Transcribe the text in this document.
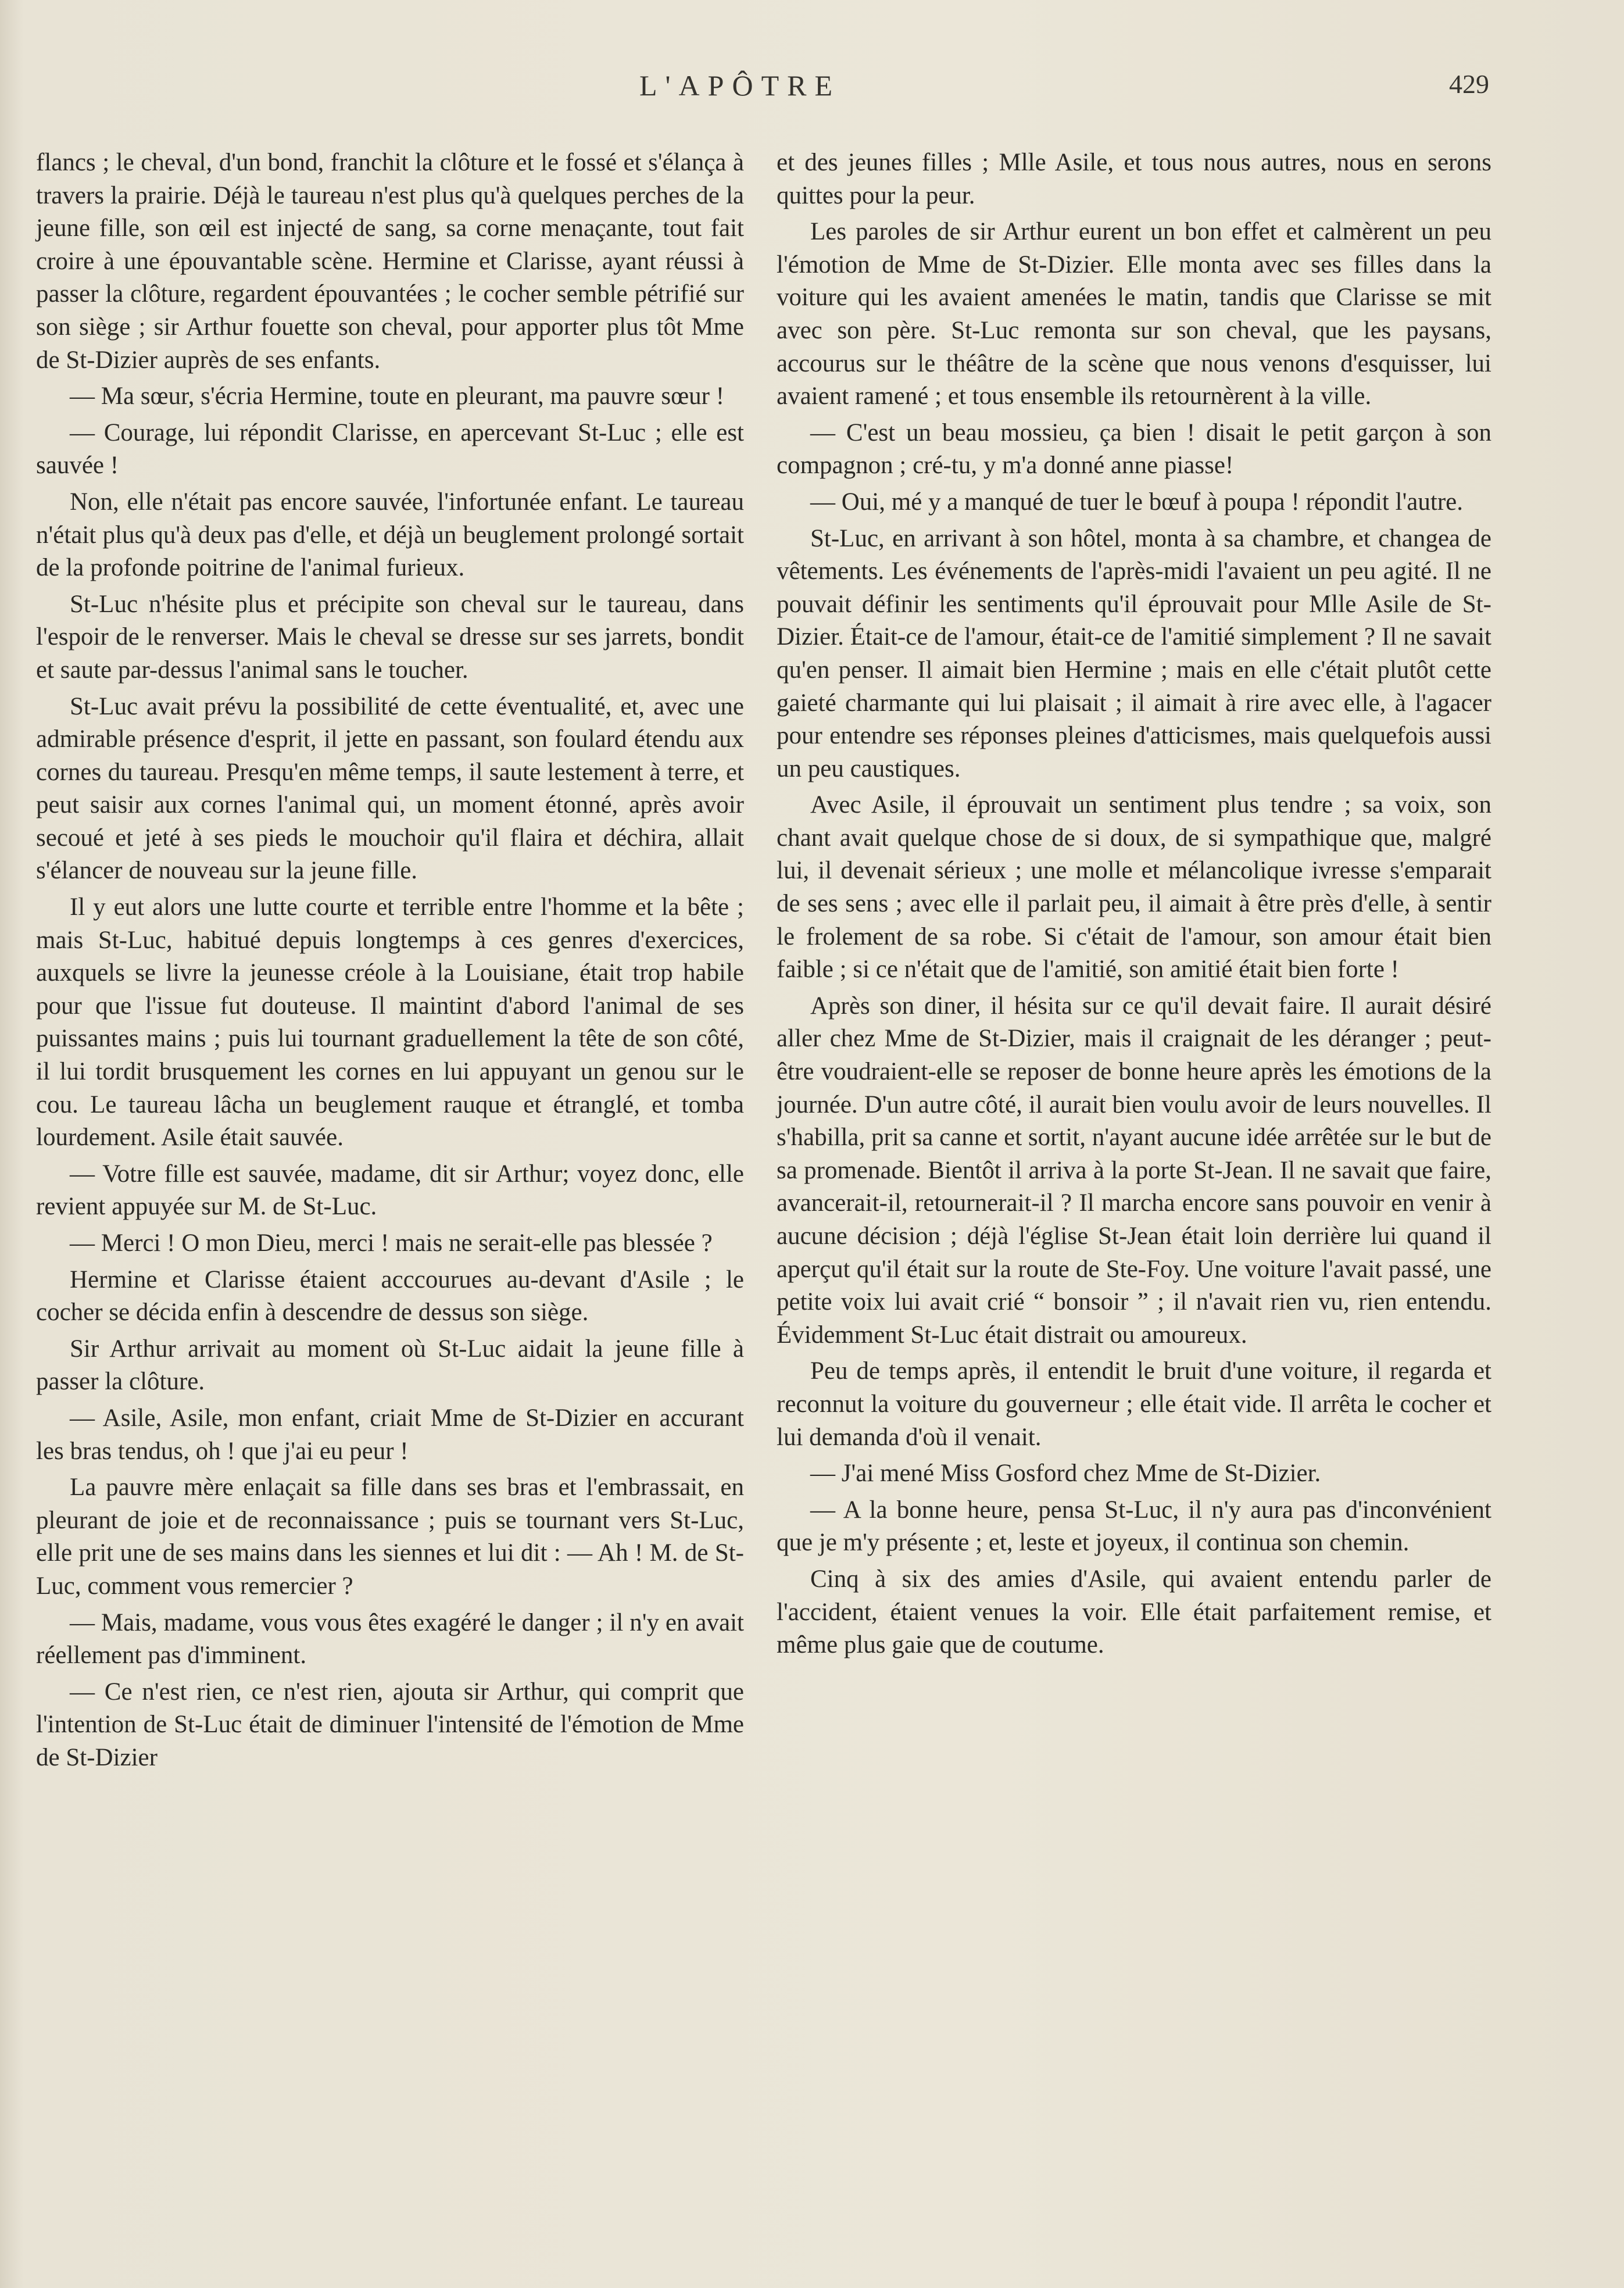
L'APÔTRE	429

flancs ; le cheval, d'un bond, franchit la clôture et le fossé et s'élança à travers la prairie. Déjà le taureau n'est plus qu'à quelques perches de la jeune fille, son œil est injecté de sang, sa corne menaçante, tout fait croire à une épouvantable scène. Hermine et Clarisse, ayant réussi à passer la clôture, regardent épouvantées ; le cocher semble pétrifié sur son siège ; sir Arthur fouette son cheval, pour apporter plus tôt Mme de St-Dizier auprès de ses enfants.

— Ma sœur, s'écria Hermine, toute en pleurant, ma pauvre sœur !

— Courage, lui répondit Clarisse, en apercevant St-Luc ; elle est sauvée !

Non, elle n'était pas encore sauvée, l'infortunée enfant. Le taureau n'était plus qu'à deux pas d'elle, et déjà un beuglement prolongé sortait de la profonde poitrine de l'animal furieux.

St-Luc n'hésite plus et précipite son cheval sur le taureau, dans l'espoir de le renverser. Mais le cheval se dresse sur ses jarrets, bondit et saute par-dessus l'animal sans le toucher.

St-Luc avait prévu la possibilité de cette éventualité, et, avec une admirable présence d'esprit, il jette en passant, son foulard étendu aux cornes du taureau. Presqu'en même temps, il saute lestement à terre, et peut saisir aux cornes l'animal qui, un moment étonné, après avoir secoué et jeté à ses pieds le mouchoir qu'il flaira et déchira, allait s'élancer de nouveau sur la jeune fille.

Il y eut alors une lutte courte et terrible entre l'homme et la bête ; mais St-Luc, habitué depuis longtemps à ces genres d'exercices, auxquels se livre la jeunesse créole à la Louisiane, était trop habile pour que l'issue fut douteuse. Il maintint d'abord l'animal de ses puissantes mains ; puis lui tournant graduellement la tête de son côté, il lui tordit brusquement les cornes en lui appuyant un genou sur le cou. Le taureau lâcha un beuglement rauque et étranglé, et tomba lourdement. Asile était sauvée.

— Votre fille est sauvée, madame, dit sir Arthur; voyez donc, elle revient appuyée sur M. de St-Luc.

— Merci ! O mon Dieu, merci ! mais ne serait-elle pas blessée ?

Hermine et Clarisse étaient acccourues au-devant d'Asile ; le cocher se décida enfin à descendre de dessus son siège.

Sir Arthur arrivait au moment où St-Luc aidait la jeune fille à passer la clôture.

— Asile, Asile, mon enfant, criait Mme de St-Dizier en accurant les bras tendus, oh ! que j'ai eu peur !

La pauvre mère enlaçait sa fille dans ses bras et l'embrassait, en pleurant de joie et de reconnaissance ; puis se tournant vers St-Luc, elle prit une de ses mains dans les siennes et lui dit : — Ah ! M. de St-Luc, comment vous remercier ?

— Mais, madame, vous vous êtes exagéré le danger ; il n'y en avait réellement pas d'imminent.

— Ce n'est rien, ce n'est rien, ajouta sir Arthur, qui comprit que l'intention de St-Luc était de diminuer l'intensité de l'émotion de Mme de St-Dizier

et des jeunes filles ; Mlle Asile, et tous nous autres, nous en serons quittes pour la peur.

Les paroles de sir Arthur eurent un bon effet et calmèrent un peu l'émotion de Mme de St-Dizier. Elle monta avec ses filles dans la voiture qui les avaient amenées le matin, tandis que Clarisse se mit avec son père. St-Luc remonta sur son cheval, que les paysans, accourus sur le théâtre de la scène que nous venons d'esquisser, lui avaient ramené ; et tous ensemble ils retournèrent à la ville.

— C'est un beau mossieu, ça bien ! disait le petit garçon à son compagnon ; cré-tu, y m'a donné anne piasse!

— Oui, mé y a manqué de tuer le bœuf à poupa ! répondit l'autre.

St-Luc, en arrivant à son hôtel, monta à sa chambre, et changea de vêtements. Les événements de l'après-midi l'avaient un peu agité. Il ne pouvait définir les sentiments qu'il éprouvait pour Mlle Asile de St-Dizier. Était-ce de l'amour, était-ce de l'amitié simplement ? Il ne savait qu'en penser. Il aimait bien Hermine ; mais en elle c'était plutôt cette gaieté charmante qui lui plaisait ; il aimait à rire avec elle, à l'agacer pour entendre ses réponses pleines d'atticismes, mais quelquefois aussi un peu caustiques.

Avec Asile, il éprouvait un sentiment plus tendre ; sa voix, son chant avait quelque chose de si doux, de si sympathique que, malgré lui, il devenait sérieux ; une molle et mélancolique ivresse s'emparait de ses sens ; avec elle il parlait peu, il aimait à être près d'elle, à sentir le frolement de sa robe. Si c'était de l'amour, son amour était bien faible ; si ce n'était que de l'amitié, son amitié était bien forte !

Après son diner, il hésita sur ce qu'il devait faire. Il aurait désiré aller chez Mme de St-Dizier, mais il craignait de les déranger ; peut-être voudraient-elle se reposer de bonne heure après les émotions de la journée. D'un autre côté, il aurait bien voulu avoir de leurs nouvelles. Il s'habilla, prit sa canne et sortit, n'ayant aucune idée arrêtée sur le but de sa promenade. Bientôt il arriva à la porte St-Jean. Il ne savait que faire, avancerait-il, retournerait-il ? Il marcha encore sans pouvoir en venir à aucune décision ; déjà l'église St-Jean était loin derrière lui quand il aperçut qu'il était sur la route de Ste-Foy. Une voiture l'avait passé, une petite voix lui avait crié “ bonsoir ” ; il n'avait rien vu, rien entendu. Évidemment St-Luc était distrait ou amoureux.

Peu de temps après, il entendit le bruit d'une voiture, il regarda et reconnut la voiture du gouverneur ; elle était vide. Il arrêta le cocher et lui demanda d'où il venait.

— J'ai mené Miss Gosford chez Mme de St-Dizier.

— A la bonne heure, pensa St-Luc, il n'y aura pas d'inconvénient que je m'y présente ; et, leste et joyeux, il continua son chemin.

Cinq à six des amies d'Asile, qui avaient entendu parler de l'accident, étaient venues la voir. Elle était parfaitement remise, et même plus gaie que de coutume.
